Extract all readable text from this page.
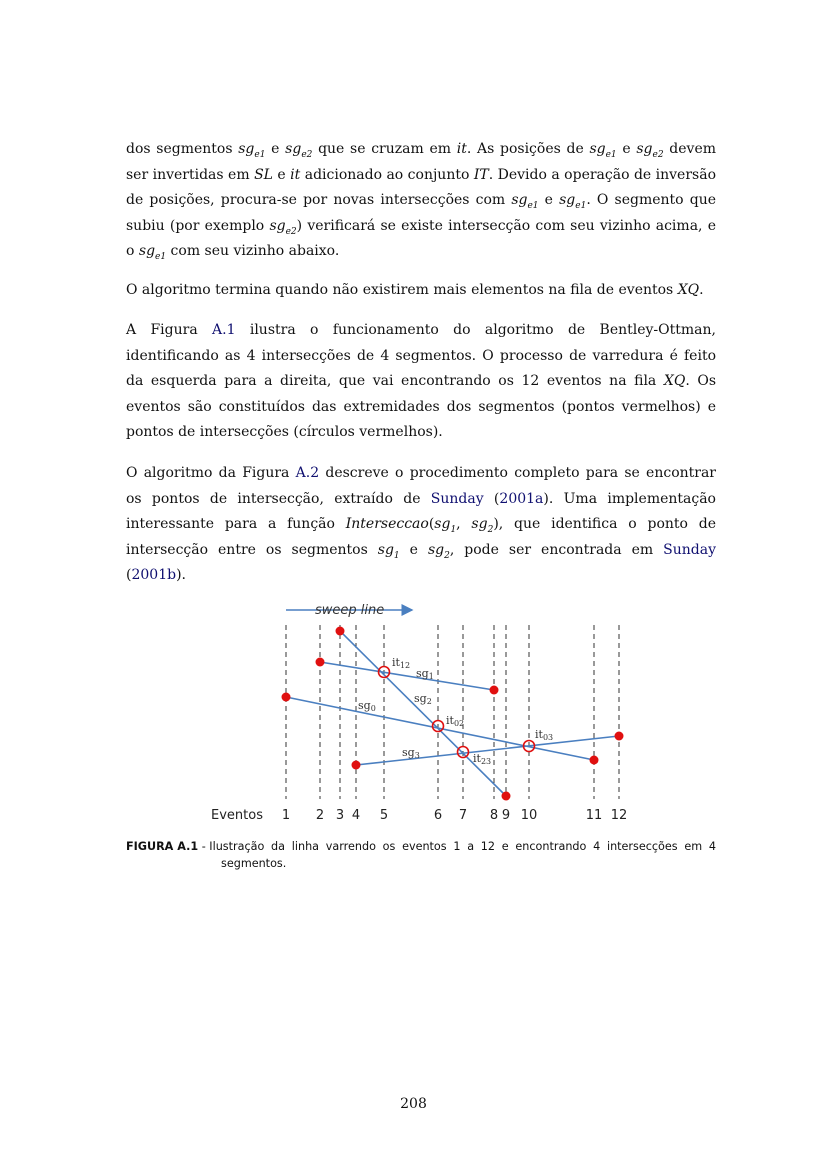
dos segmentos $sg_{e1}$ e $sg_{e2}$ que se cruzam em it. As posições de $sg_{e1}$ e $sg_{e2}$ devem ser invertidas em SL e it adicionado ao conjunto IT. Devido a operação de inversão de posições, procura-se por novas intersecções com $sg_{e1}$ e $sg_{e1}$. O segmento que subiu (por exemplo $sg_{e2}$) verificará se existe intersecção com seu vizinho acima, e o $sg_{e1}$ com seu vizinho abaixo.

O algoritmo termina quando não existirem mais elementos na fila de eventos XQ.

A Figura A.1 ilustra o funcionamento do algoritmo de Bentley-Ottman, identificando as 4 intersecções de 4 segmentos. O processo de varredura é feito da esquerda para a direita, que vai encontrando os 12 eventos na fila XQ. Os eventos são constituídos das extremidades dos segmentos (pontos vermelhos) e pontos de intersecções (círculos vermelhos).

O algoritmo da Figura A.2 descreve o procedimento completo para se encontrar os pontos de intersecção, extraído de Sunday (2001a). Uma implementação interessante para a função $Interseccao(sg_1$, $sg_2$), que identifica o ponto de intersecção entre os segmentos $sg_1$ e $sg_2$, pode ser encontrada em Sunday (2001b).

sweep line
it12
it02
it03
it23
sg0
sg1
sg2
sg3
Eventos 1 2 3 4 5	6 7 8 9 10	11 12
FIGURA A.1 - Ilustração da linha varrendo os eventos 1 a 12 e encontrando 4 intersecções em 4
segmentos.
208
